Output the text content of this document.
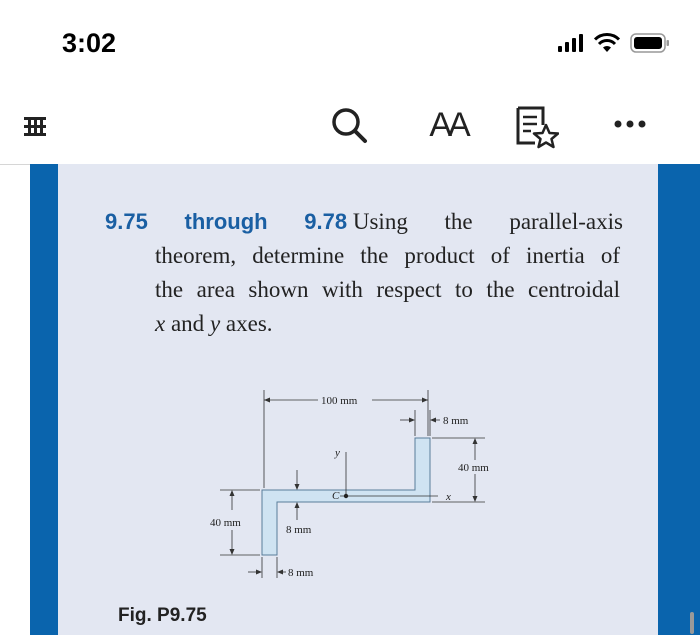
3:02
AA
9.75 through 9.78 Using the parallel-axis
theorem, determine the product of inertia of
the area shown with respect to the centroidal
x and y axes.
100 mm
8 mm
40 mm
x
y
C
8 mm
40 mm
8 mm
Fig. P9.75
